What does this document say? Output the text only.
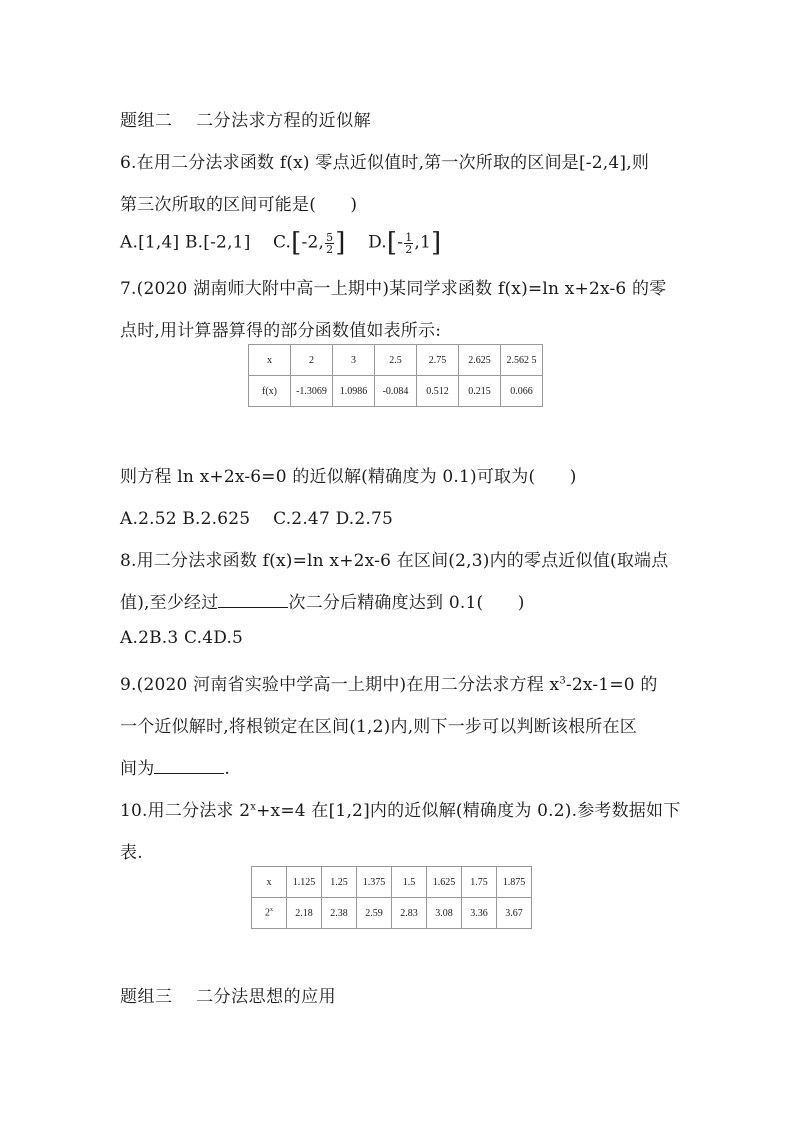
题组二 二分法求方程的近似解
6.在用二分法求函数 f(x) 零点近似值时,第一次所取的区间是[-2,4],则
第三次所取的区间可能是(　　)
A.[1,4] B.[-2,1] C.[-2, $\frac{5}{2}$ ] $D.[- \frac{1}{2} ,1]$
7.(2020 湖南师大附中高一上期中)某同学求函数 f(x)=ln x+2x-6 的零
点时,用计算器算得的部分函数值如表所示:
x	2	3	2.5	2.75	2.625	2.562 5
f(x)	-1.3069	1.0986	-0.084	0.512	0.215	0.066
则方程 ln x+2x-6=0 的近似解(精确度为 0.1)可取为(　　)
A.2.52 B.2.625　 C.2.47 D.2.75
8.用二分法求函数 f(x)=ln x+2x-6 在区间(2,3)内的零点近似值(取端点
值),至少经过	次二分后精确度达到 0.1(　　)
A.2B.3 C.4D.5
9.(2020 河南省实验中学高一上期中)在用二分法求方程 $x^3-2x-1=0$ 的
一个近似解时,将根锁定在区间(1,2)内,则下一步可以判断该根所在区
间为	.
10.用二分法求 $2^x+x=4$ 在[1,2]内的近似解(精确度为 0.2).参考数据如下
表.
x	1.125	1.25	1.375	1.5	1.625	1.75	1.875
2$^x$	2.18	2.38	2.59	2.83	3.08	3.36	3.67
题组三 二分法思想的应用
